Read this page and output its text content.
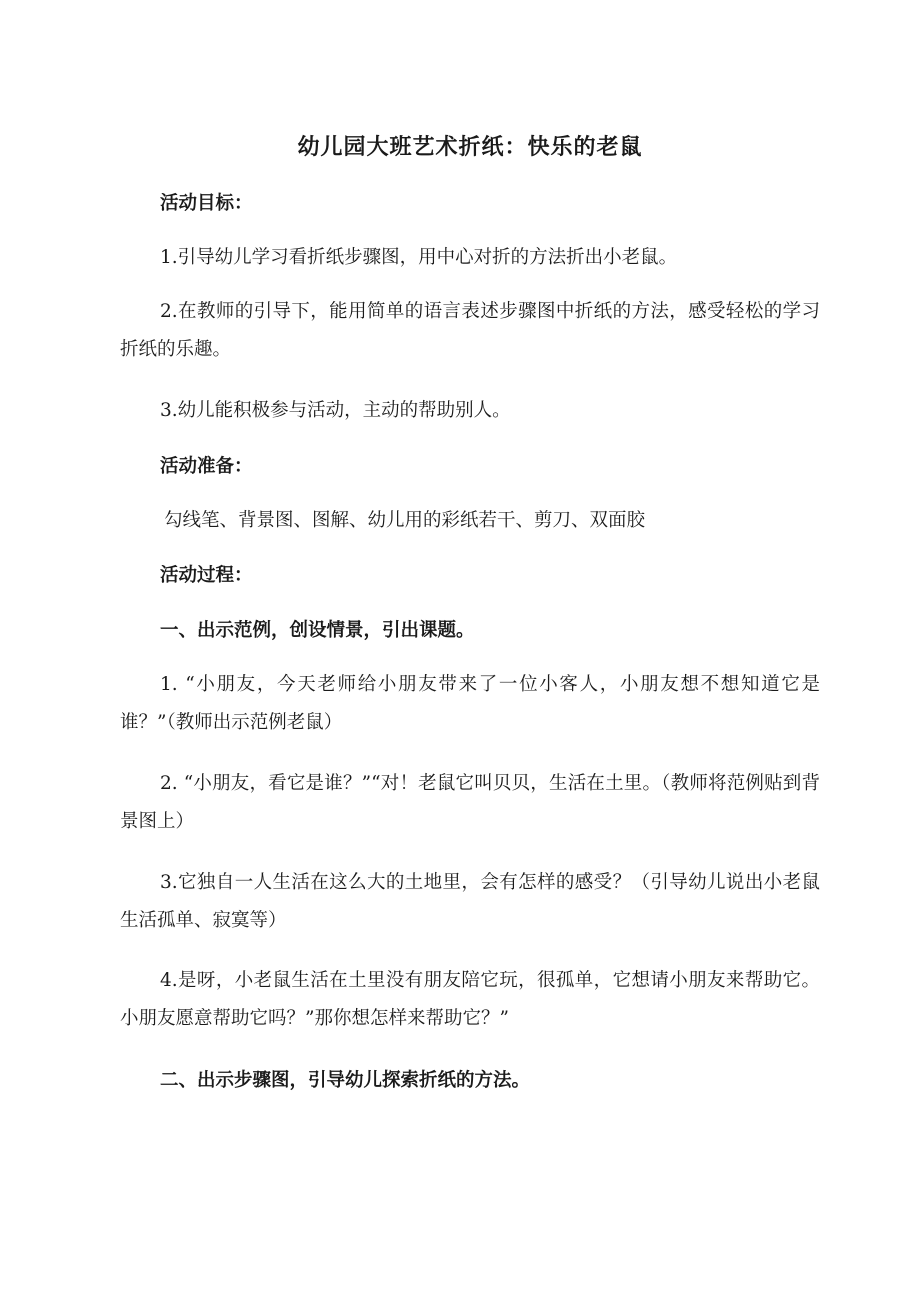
幼儿园大班艺术折纸：快乐的老鼠

活动目标：

1.引导幼儿学习看折纸步骤图，用中心对折的方法折出小老鼠。

2.在教师的引导下，能用简单的语言表述步骤图中折纸的方法，感受轻松的学习折纸的乐趣。

3.幼儿能积极参与活动，主动的帮助别人。

活动准备：

勾线笔、背景图、图解、幼儿用的彩纸若干、剪刀、双面胶

活动过程：

一、出示范例，创设情景，引出课题。

1. “小朋友，今天老师给小朋友带来了一位小客人，小朋友想不想知道它是谁？”（教师出示范例老鼠）

2. “小朋友，看它是谁？”“对！老鼠它叫贝贝，生活在土里。（教师将范例贴到背景图上）

3.它独自一人生活在这么大的土地里，会有怎样的感受？（引导幼儿说出小老鼠生活孤单、寂寞等）

4.是呀，小老鼠生活在土里没有朋友陪它玩，很孤单，它想请小朋友来帮助它。小朋友愿意帮助它吗？”那你想怎样来帮助它？”

二、出示步骤图，引导幼儿探索折纸的方法。
